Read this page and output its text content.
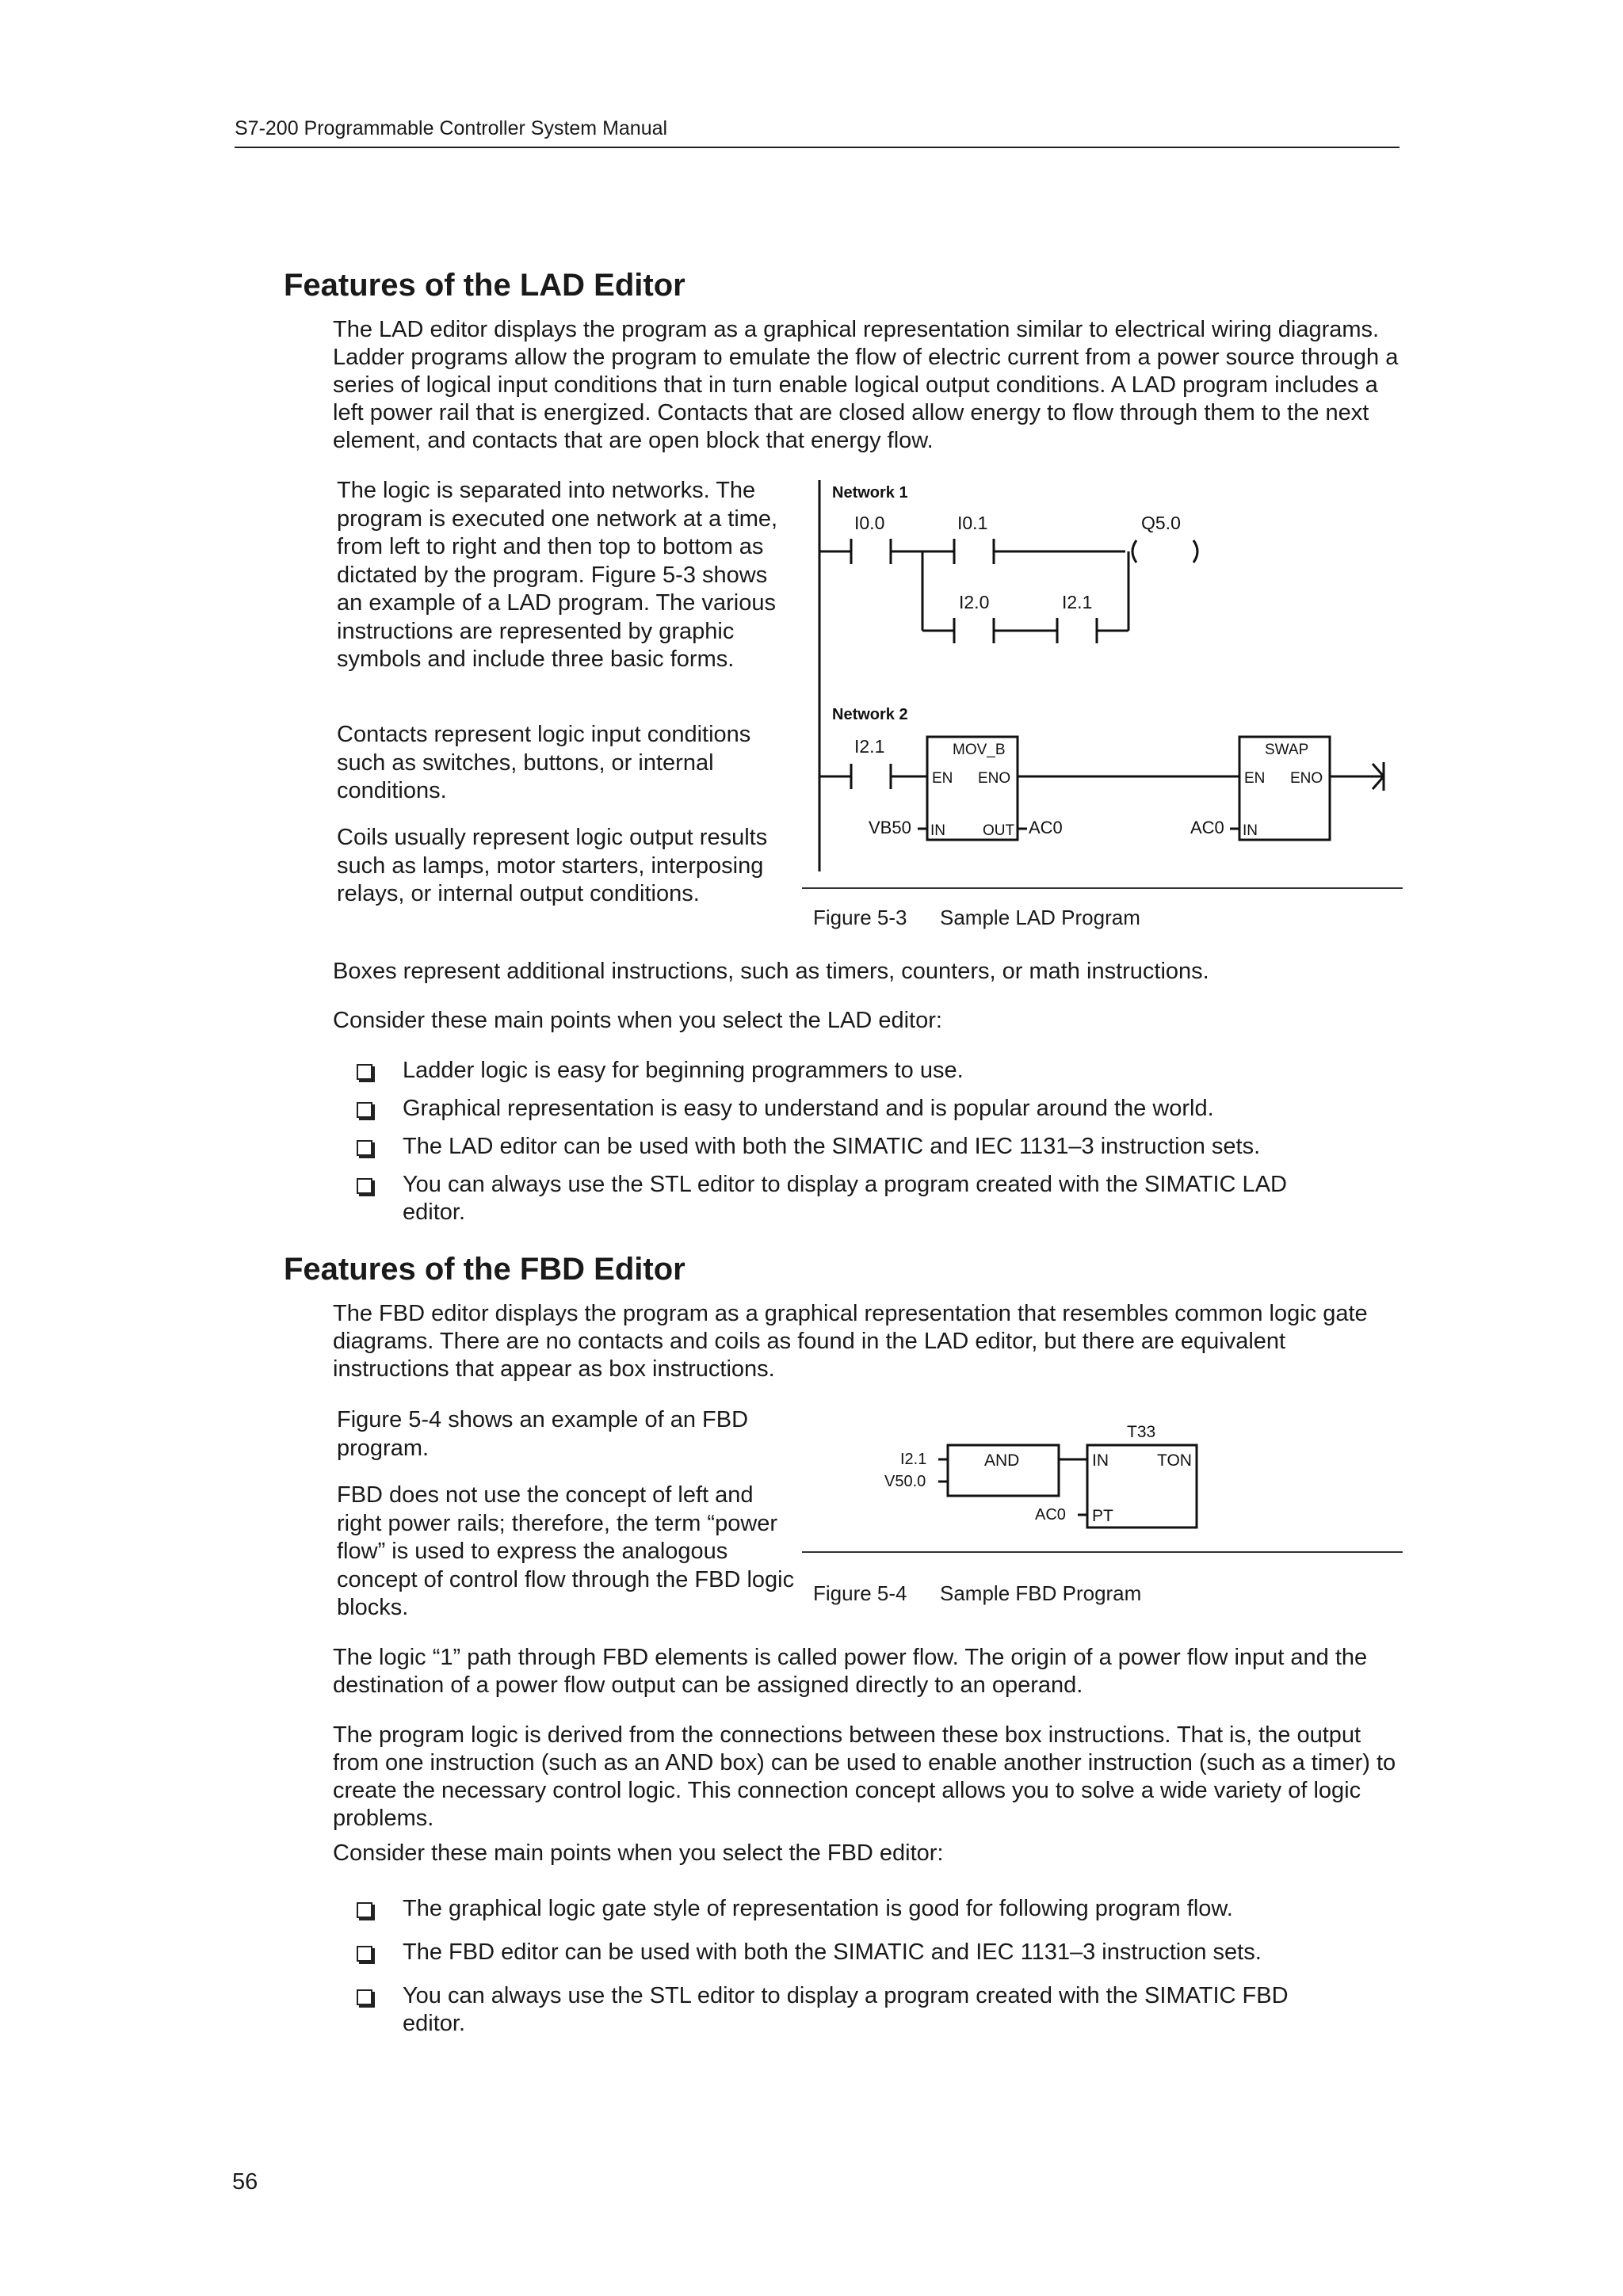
S7-200 Programmable Controller System Manual
Features of the LAD Editor

The LAD editor displays the program as a graphical representation similar to electrical wiring diagrams. Ladder programs allow the program to emulate the flow of electric current from a power source through a series of logical input conditions that in turn enable logical output conditions. A LAD program includes a left power rail that is energized. Contacts that are closed allow energy to flow through them to the next element, and contacts that are open block that energy flow.

The logic is separated into networks. The program is executed one network at a time, from left to right and then top to bottom as dictated by the program. Figure 5-3 shows an example of a LAD program. The various instructions are represented by graphic symbols and include three basic forms.

Contacts represent logic input conditions such as switches, buttons, or internal conditions.

Coils usually represent logic output results such as lamps, motor starters, interposing relays, or internal output conditions.

Network 1
I0.0	I0.1	Q5.0
I2.0	I2.1
Network 2
I2.1	MOV_B
EN ENO
VB50 IN OUT AC0
SWAP
EN ENO
AC0 IN
Figure 5-3 Sample LAD Program

Boxes represent additional instructions, such as timers, counters, or math instructions.

Consider these main points when you select the LAD editor:

Ladder logic is easy for beginning programmers to use.
Graphical representation is easy to understand and is popular around the world.
The LAD editor can be used with both the SIMATIC and IEC 1131–3 instruction sets.
You can always use the STL editor to display a program created with the SIMATIC LAD editor.
Features of the FBD Editor

The FBD editor displays the program as a graphical representation that resembles common logic gate diagrams. There are no contacts and coils as found in the LAD editor, but there are equivalent instructions that appear as box instructions.

Figure 5-4 shows an example of an FBD program.

FBD does not use the concept of left and right power rails; therefore, the term “power flow” is used to express the analogous concept of control flow through the FBD logic blocks.

T33
I2.1
V50.0
AND	IN	TON
AC0 PT
Figure 5-4 Sample FBD Program

The logic “1” path through FBD elements is called power flow. The origin of a power flow input and the destination of a power flow output can be assigned directly to an operand.

The program logic is derived from the connections between these box instructions. That is, the output from one instruction (such as an AND box) can be used to enable another instruction (such as a timer) to create the necessary control logic. This connection concept allows you to solve a wide variety of logic problems.

Consider these main points when you select the FBD editor:

The graphical logic gate style of representation is good for following program flow.
The FBD editor can be used with both the SIMATIC and IEC 1131–3 instruction sets.
You can always use the STL editor to display a program created with the SIMATIC FBD editor.
56
